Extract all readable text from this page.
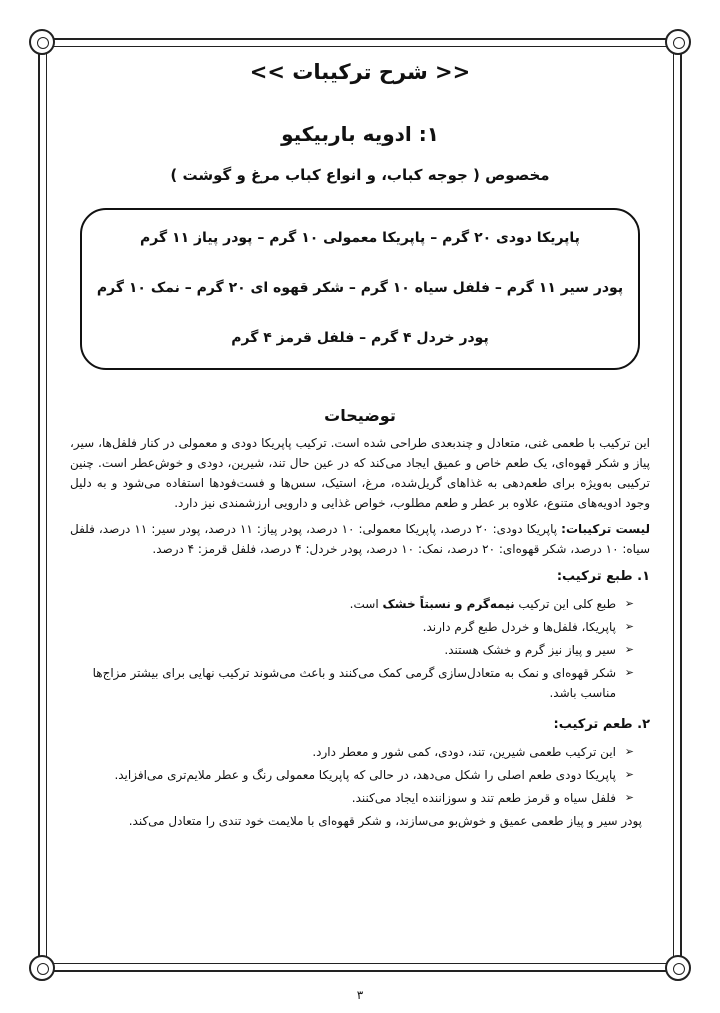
<< شرح ترکیبات >>
۱: ادویه باربیکیو
مخصوص ( جوجه کباب، و انواع کباب مرغ و گوشت )
پاپریکا دودی ۲۰ گرم – پاپریکا معمولی ۱۰ گرم – پودر پیاز ۱۱ گرم
پودر سیر ۱۱ گرم – فلفل سیاه ۱۰ گرم – شکر قهوه ای ۲۰ گرم – نمک ۱۰ گرم
پودر خردل ۴ گرم – فلفل قرمز ۴ گرم
توضیحات

این ترکیب با طعمی غنی، متعادل و چندبعدی طراحی شده است. ترکیب پاپریکا دودی و معمولی در کنار فلفل‌ها، سیر، پیاز و شکر قهوه‌ای، یک طعم خاص و عمیق ایجاد می‌کند که در عین حال تند، شیرین، دودی و خوش‌عطر است. چنین ترکیبی به‌ویژه برای طعم‌دهی به غذاهای گریل‌شده، مرغ، استیک، سس‌ها و فست‌فودها استفاده می‌شود و به دلیل وجود ادویه‌های متنوع، علاوه بر عطر و طعم مطلوب، خواص غذایی و دارویی ارزشمندی نیز دارد.

لیست ترکیبات: پاپریکا دودی: ۲۰ درصد، پاپریکا معمولی: ۱۰ درصد، پودر پیاز: ۱۱ درصد، پودر سیر: ۱۱ درصد، فلفل سیاه: ۱۰ درصد، شکر قهوه‌ای: ۲۰ درصد، نمک: ۱۰ درصد، پودر خردل: ۴ درصد، فلفل قرمز: ۴ درصد.

۱. طبع ترکیب:
➢
طبع کلی این ترکیب نیمه‌گرم و نسبتاً خشک است.
➢
پاپریکا، فلفل‌ها و خردل طبع گرم دارند.
➢
سیر و پیاز نیز گرم و خشک هستند.
➢
شکر قهوه‌ای و نمک به متعادل‌سازی گرمی کمک می‌کنند و باعث می‌شوند ترکیب نهایی برای بیشتر مزاج‌ها مناسب باشد.
۲. طعم ترکیب:
➢
این ترکیب طعمی شیرین، تند، دودی، کمی شور و معطر دارد.
➢
پاپریکا دودی طعم اصلی را شکل می‌دهد، در حالی که پاپریکا معمولی رنگ و عطر ملایم‌تری می‌افزاید.
➢
فلفل سیاه و قرمز طعم تند و سوزاننده ایجاد می‌کنند.

پودر سیر و پیاز طعمی عمیق و خوش‌بو می‌سازند، و شکر قهوه‌ای با ملایمت خود تندی را متعادل می‌کند.

۳
